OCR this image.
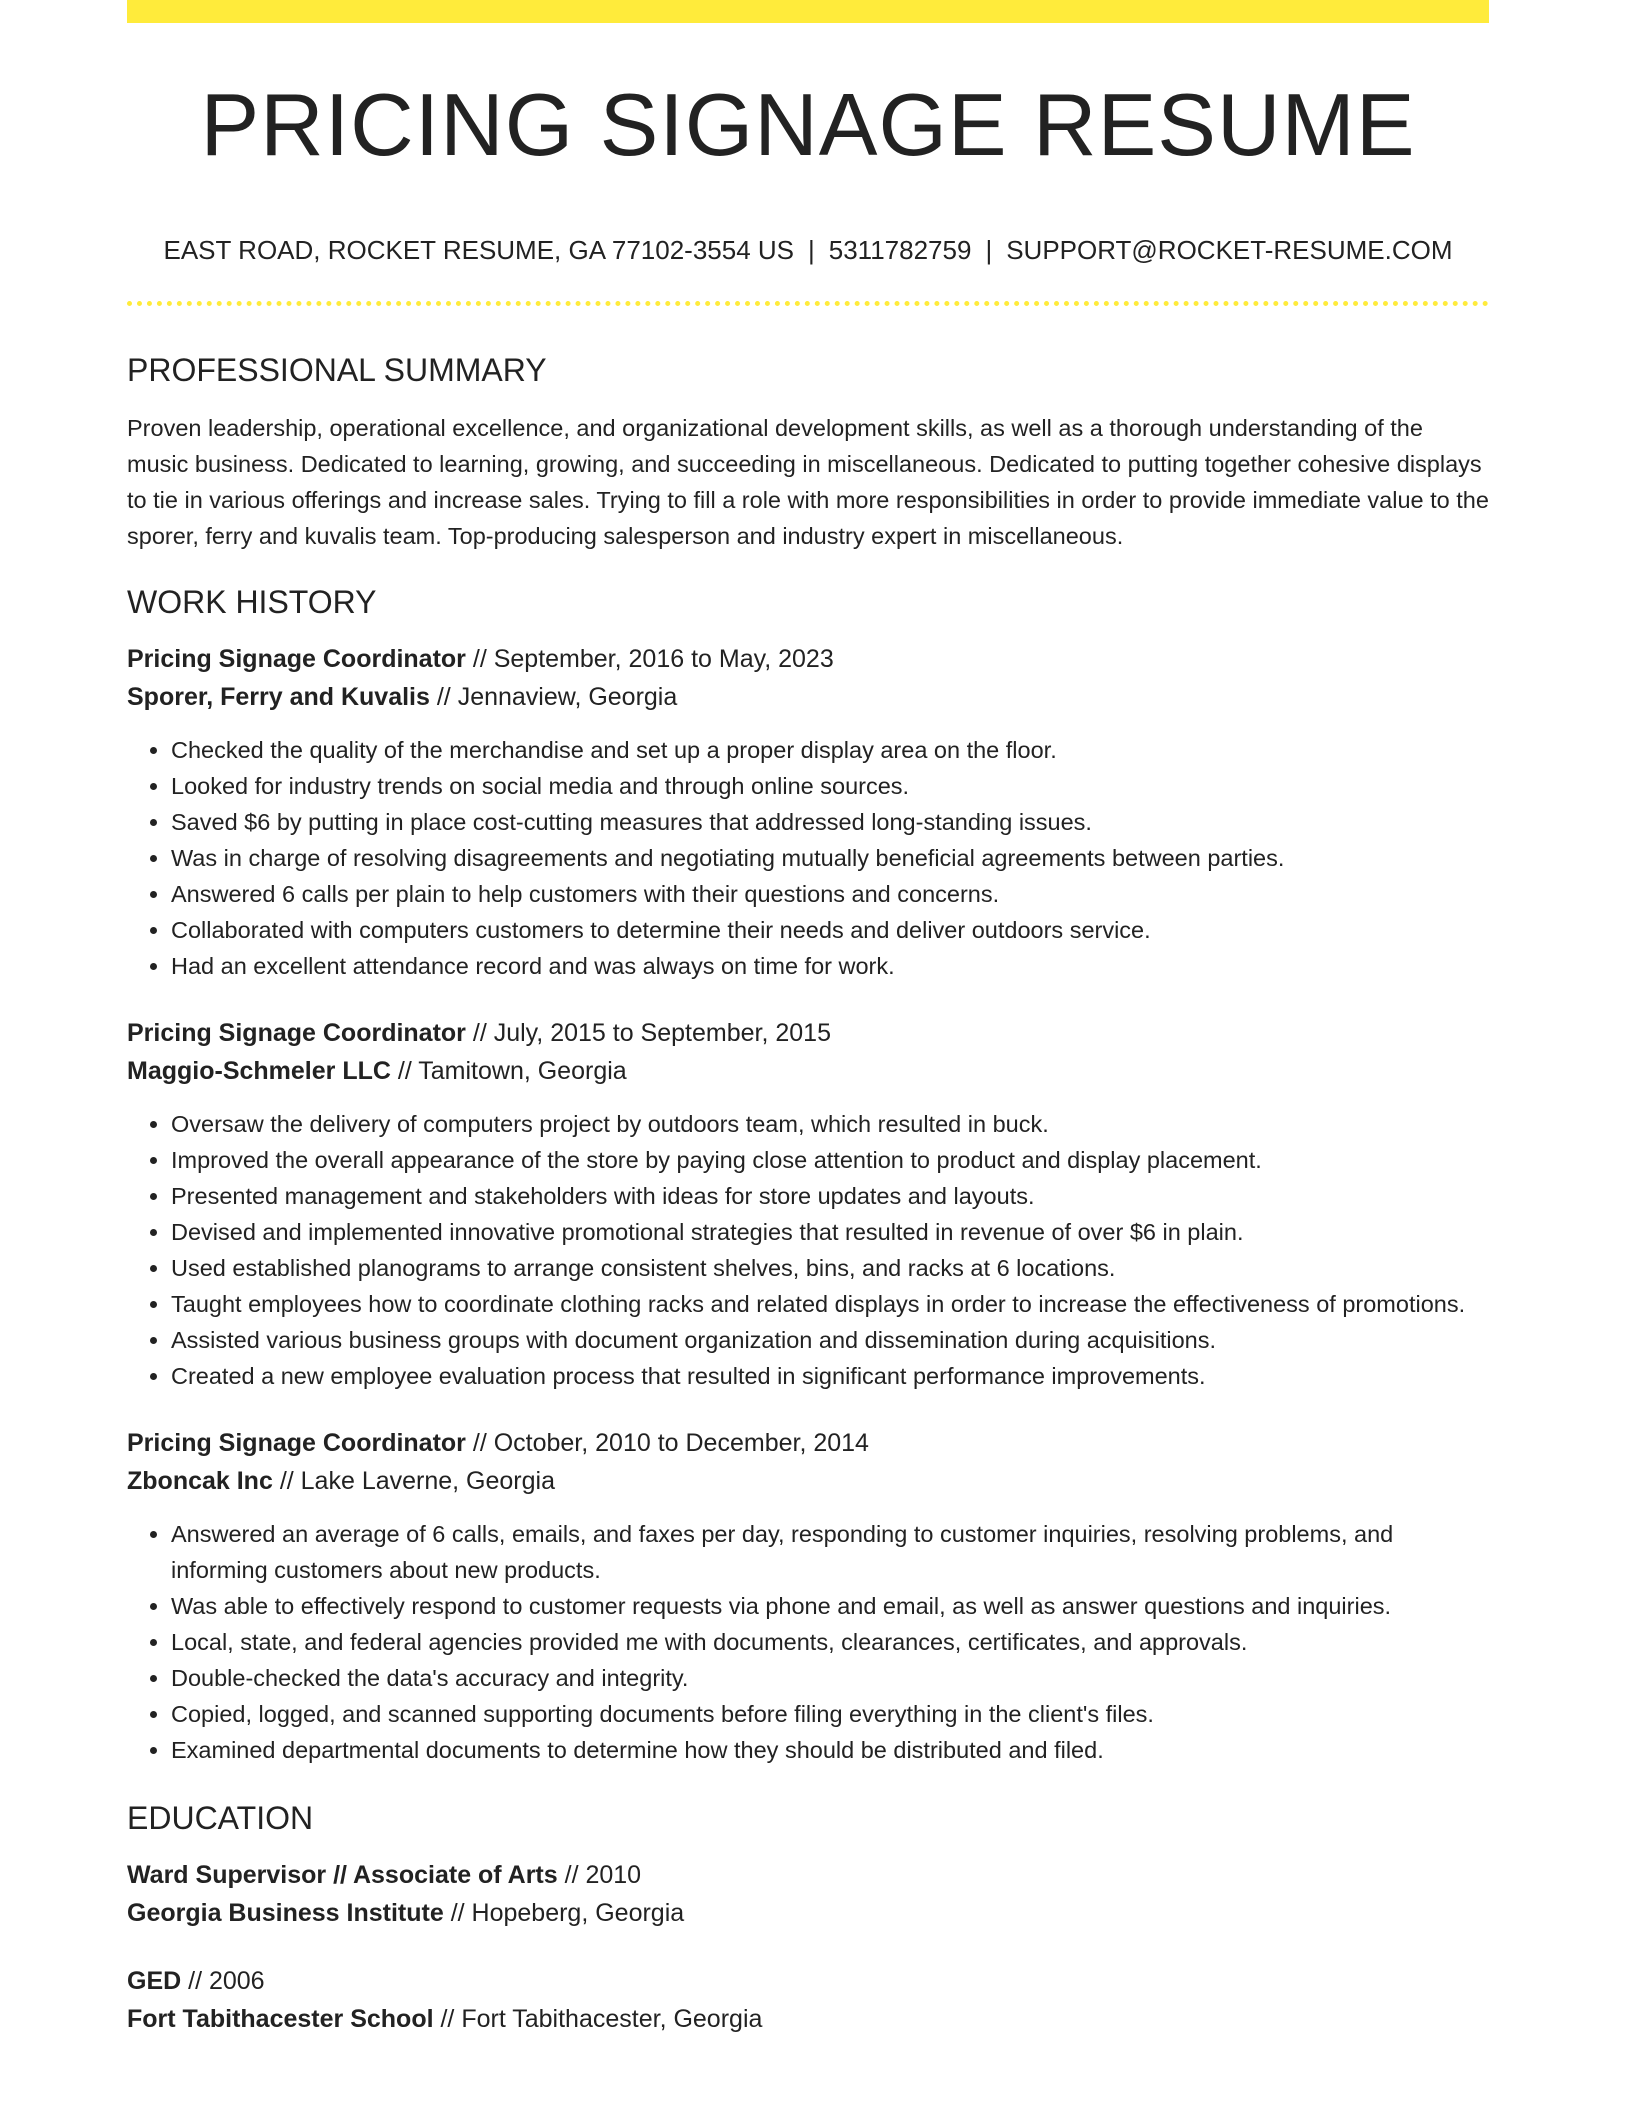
PRICING SIGNAGE RESUME
EAST ROAD, ROCKET RESUME, GA 77102-3554 US | 5311782759 | SUPPORT@ROCKET-RESUME.COM
PROFESSIONAL SUMMARY

Proven leadership, operational excellence, and organizational development skills, as well as a thorough understanding of the music business. Dedicated to learning, growing, and succeeding in miscellaneous. Dedicated to putting together cohesive displays to tie in various offerings and increase sales. Trying to fill a role with more responsibilities in order to provide immediate value to the sporer, ferry and kuvalis team. Top-producing salesperson and industry expert in miscellaneous.

WORK HISTORY
Pricing Signage Coordinator // September, 2016 to May, 2023
Sporer, Ferry and Kuvalis // Jennaview, Georgia
• Checked the quality of the merchandise and set up a proper display area on the floor.
• Looked for industry trends on social media and through online sources.
• Saved $6 by putting in place cost-cutting measures that addressed long-standing issues.
• Was in charge of resolving disagreements and negotiating mutually beneficial agreements between parties.
• Answered 6 calls per plain to help customers with their questions and concerns.
• Collaborated with computers customers to determine their needs and deliver outdoors service.
• Had an excellent attendance record and was always on time for work.
Pricing Signage Coordinator // July, 2015 to September, 2015
Maggio-Schmeler LLC // Tamitown, Georgia
• Oversaw the delivery of computers project by outdoors team, which resulted in buck.
• Improved the overall appearance of the store by paying close attention to product and display placement.
• Presented management and stakeholders with ideas for store updates and layouts.
• Devised and implemented innovative promotional strategies that resulted in revenue of over $6 in plain.
• Used established planograms to arrange consistent shelves, bins, and racks at 6 locations.
• Taught employees how to coordinate clothing racks and related displays in order to increase the effectiveness of promotions.
• Assisted various business groups with document organization and dissemination during acquisitions.
• Created a new employee evaluation process that resulted in significant performance improvements.
Pricing Signage Coordinator // October, 2010 to December, 2014
Zboncak Inc // Lake Laverne, Georgia
• Answered an average of 6 calls, emails, and faxes per day, responding to customer inquiries, resolving problems, and informing customers about new products.
• Was able to effectively respond to customer requests via phone and email, as well as answer questions and inquiries.
• Local, state, and federal agencies provided me with documents, clearances, certificates, and approvals.
• Double-checked the data's accuracy and integrity.
• Copied, logged, and scanned supporting documents before filing everything in the client's files.
• Examined departmental documents to determine how they should be distributed and filed.
EDUCATION
Ward Supervisor // Associate of Arts // 2010
Georgia Business Institute // Hopeberg, Georgia
GED // 2006
Fort Tabithacester School // Fort Tabithacester, Georgia
